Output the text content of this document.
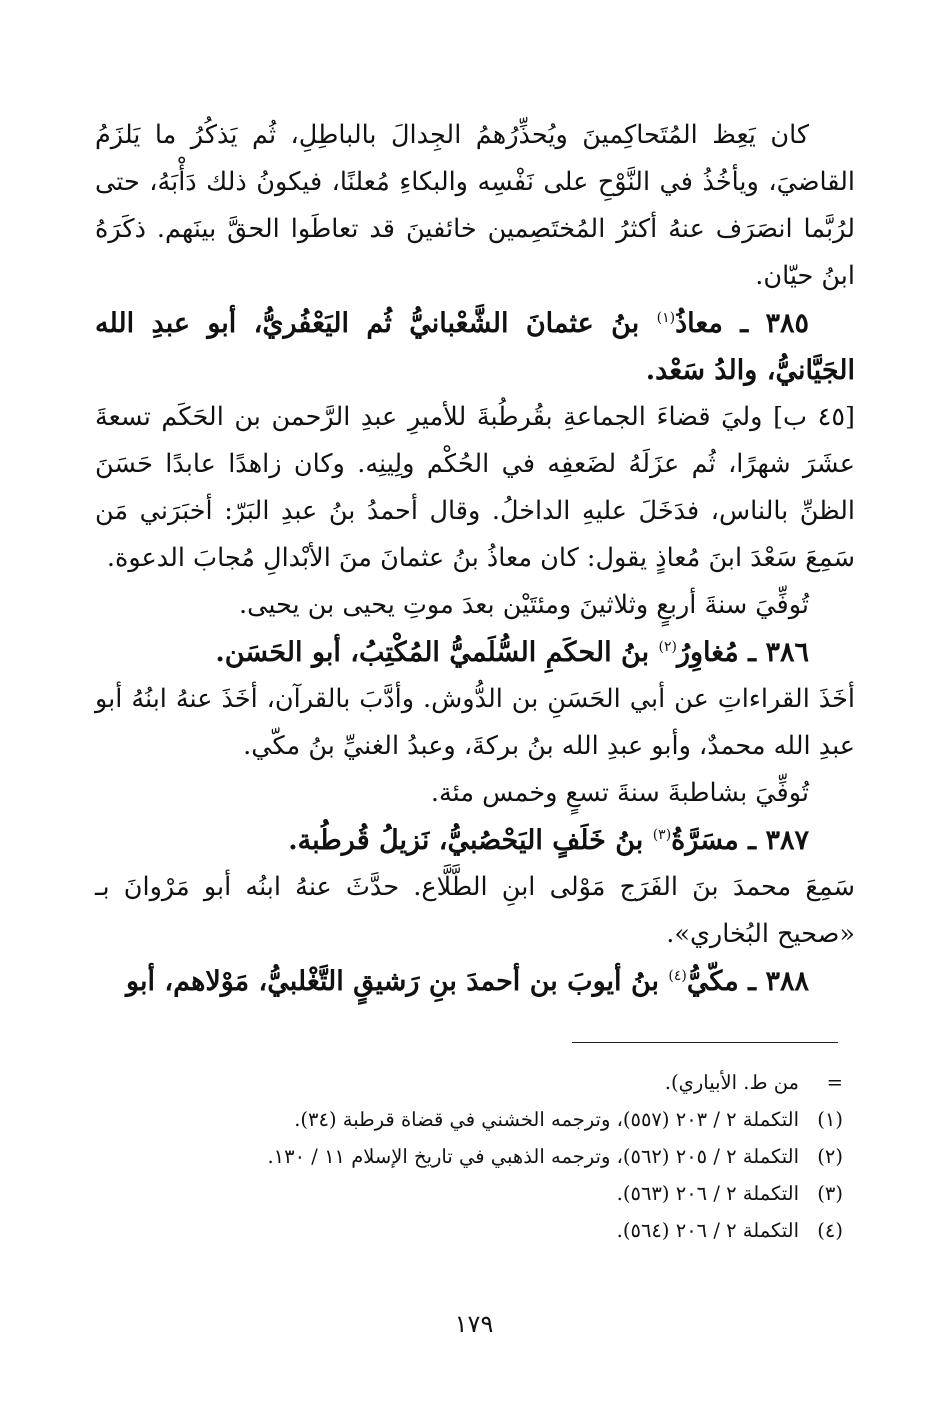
كان يَعِظ المُتَحاكِمينَ ويُحذِّرُهمُ الجِدالَ بالباطِلِ، ثُم يَذكُرُ ما يَلزَمُ القاضيَ، ويأخُذُ في النَّوْحِ على نَفْسِه والبكاءِ مُعلنًا، فيكونُ ذلك دَأْبَهُ، حتى لرُبَّما انصَرَف عنهُ أكثرُ المُختَصِمين خائفينَ قد تعاطَوا الحقَّ بينَهم. ذكَرَهُ ابنُ حيّان.

٣٨٥ ـ معاذُ$^{(١)}$ بنُ عثمانَ الشَّعْبانيُّ ثُم اليَعْفُريُّ، أبو عبدِ الله الجَيَّانيُّ، والدُ سَعْد.

[٤٥ ب] وليَ قضاءَ الجماعةِ بقُرطُبةَ للأميرِ عبدِ الرَّحمن بن الحَكَم تسعةَ عشَرَ شهرًا، ثُم عزَلَهُ لضَعفِه في الحُكْم ولِينِه. وكان زاهدًا عابدًا حَسَنَ الظنِّ بالناس، فدَخَلَ عليهِ الداخلُ. وقال أحمدُ بنُ عبدِ البَرّ: أخبَرَني مَن سَمِعَ سَعْدَ ابنَ مُعاذٍ يقول: كان معاذُ بنُ عثمانَ منَ الأبْدالِ مُجابَ الدعوة.

تُوفِّيَ سنةَ أربعٍ وثلاثينَ ومئتَيْن بعدَ موتِ يحيى بن يحيى.

٣٨٦ ـ مُغاوِرُ$^{(٢)}$ بنُ الحكَمِ السُّلَميُّ المُكْتِبُ، أبو الحَسَن.

أخَذَ القراءاتِ عن أبي الحَسَنِ بن الدُّوش. وأدَّبَ بالقرآن، أخَذَ عنهُ ابنُهُ أبو عبدِ الله محمدٌ، وأبو عبدِ الله بنُ بركةَ، وعبدُ الغنيِّ بنُ مكّي.

تُوفِّيَ بشاطبةَ سنةَ تسعٍ وخمس مئة.

٣٨٧ ـ مسَرَّةُ$^{(٣)}$ بنُ خَلَفٍ اليَحْصُبيُّ، نَزيلُ قُرطُبة.

سَمِعَ محمدَ بنَ الفَرَج مَوْلى ابنِ الطَّلَّاع. حدَّثَ عنهُ ابنُه أبو مَرْوانَ بـ «صحيح البُخاري».

٣٨٨ ـ مكّيُّ$^{(٤)}$ بنُ أيوبَ بن أحمدَ بنِ رَشيقٍ التَّغْلبيُّ، مَوْلاهم، أبو

=من ط. الأبياري).

(١)التكملة ٢ / ٢٠٣ (٥٥٧)، وترجمه الخشني في قضاة قرطبة (٣٤).

(٢)التكملة ٢ / ٢٠٥ (٥٦٢)، وترجمه الذهبي في تاريخ الإسلام ١١ / ١٣٠.

(٣)التكملة ٢ / ٢٠٦ (٥٦٣).

(٤)التكملة ٢ / ٢٠٦ (٥٦٤).

١٧٩
